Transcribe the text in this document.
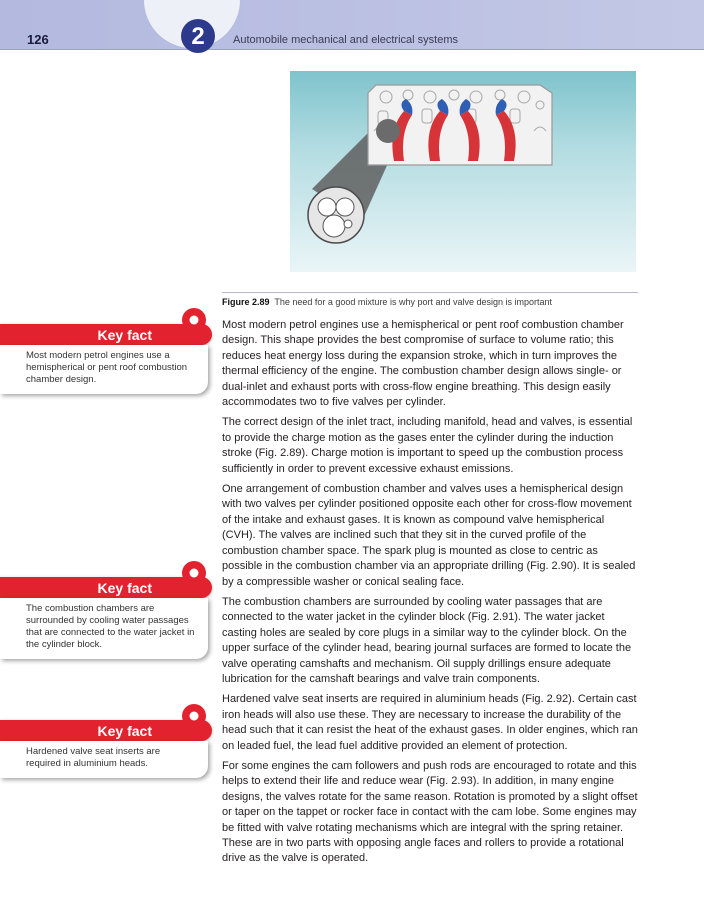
126	2	Automobile mechanical and electrical systems
Figure 2.89 The need for a good mixture is why port and valve design is important
Key fact
Most modern petrol engines use a hemispherical or pent roof combustion chamber design.
Key fact
The combustion chambers are surrounded by cooling water passages that are connected to the water jacket in the cylinder block.
Key fact
Hardened valve seat inserts are required in aluminium heads.

Most modern petrol engines use a hemispherical or pent roof combustion chamber design. This shape provides the best compromise of surface to volume ratio; this reduces heat energy loss during the expansion stroke, which in turn improves the thermal efficiency of the engine. The combustion chamber design allows single- or dual-inlet and exhaust ports with cross-flow engine breathing. This design easily accommodates two to five valves per cylinder.

The correct design of the inlet tract, including manifold, head and valves, is essential to provide the charge motion as the gases enter the cylinder during the induction stroke (Fig. 2.89). Charge motion is important to speed up the combustion process sufficiently in order to prevent excessive exhaust emissions.

One arrangement of combustion chamber and valves uses a hemispherical design with two valves per cylinder positioned opposite each other for cross-flow movement of the intake and exhaust gases. It is known as compound valve hemispherical (CVH). The valves are inclined such that they sit in the curved profile of the combustion chamber space. The spark plug is mounted as close to centric as possible in the combustion chamber via an appropriate drilling (Fig. 2.90). It is sealed by a compressible washer or conical sealing face.

The combustion chambers are surrounded by cooling water passages that are connected to the water jacket in the cylinder block (Fig. 2.91). The water jacket casting holes are sealed by core plugs in a similar way to the cylinder block. On the upper surface of the cylinder head, bearing journal surfaces are formed to locate the valve operating camshafts and mechanism. Oil supply drillings ensure adequate lubrication for the camshaft bearings and valve train components.

Hardened valve seat inserts are required in aluminium heads (Fig. 2.92). Certain cast iron heads will also use these. They are necessary to increase the durability of the head such that it can resist the heat of the exhaust gases. In older engines, which ran on leaded fuel, the lead fuel additive provided an element of protection.

For some engines the cam followers and push rods are encouraged to rotate and this helps to extend their life and reduce wear (Fig. 2.93). In addition, in many engine designs, the valves rotate for the same reason. Rotation is promoted by a slight offset or taper on the tappet or rocker face in contact with the cam lobe. Some engines may be fitted with valve rotating mechanisms which are integral with the spring retainer. These are in two parts with opposing angle faces and rollers to provide a rotational drive as the valve is operated.
